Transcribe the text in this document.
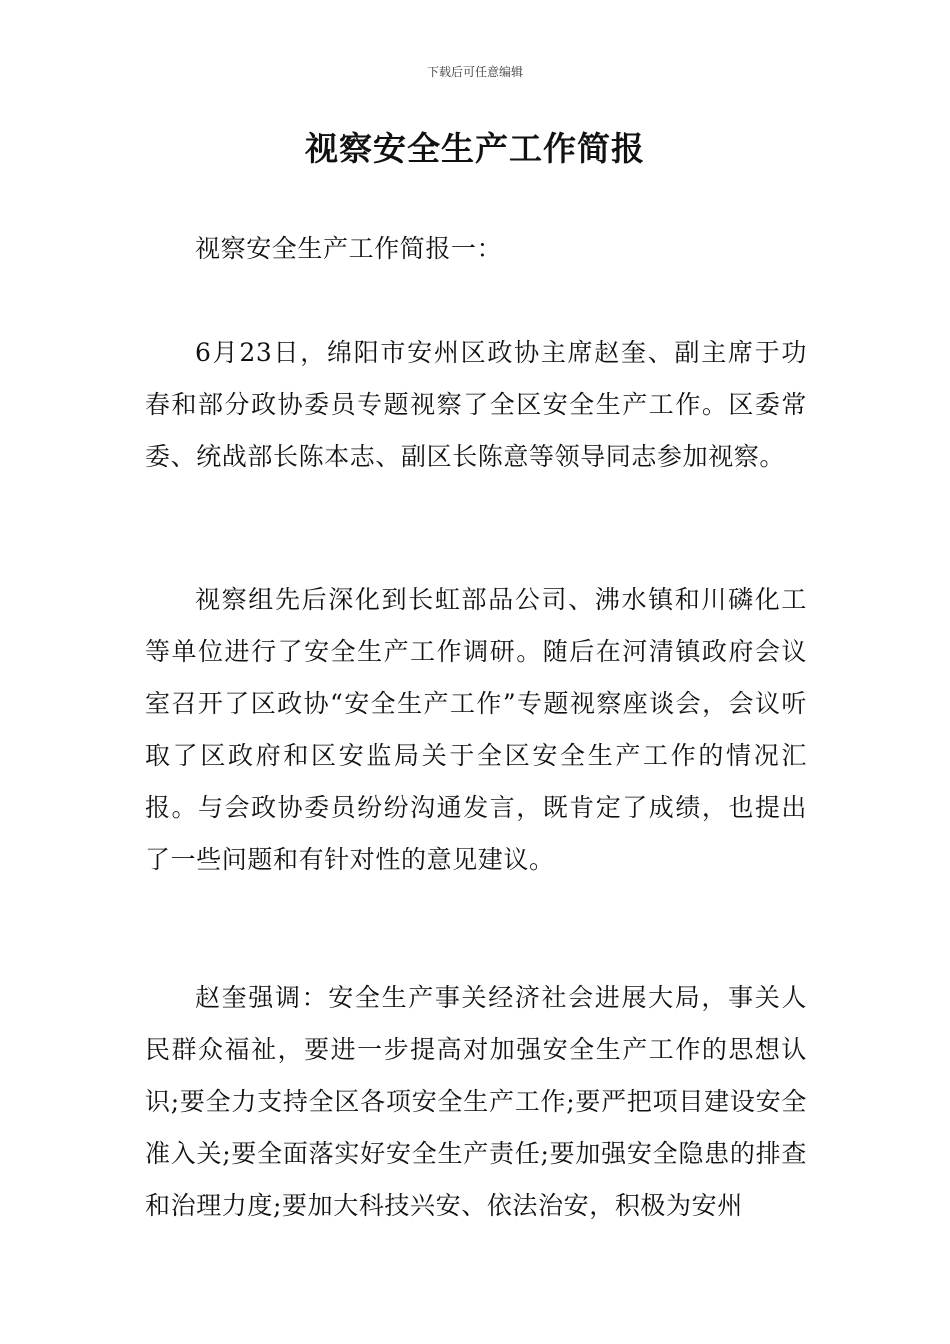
下载后可任意编辑
视察安全生产工作简报

视察安全生产工作简报一：

6月23日，绵阳市安州区政协主席赵奎、副主席于功春和部分政协委员专题视察了全区安全生产工作。区委常委、统战部长陈本志、副区长陈意等领导同志参加视察。

视察组先后深化到长虹部品公司、沸水镇和川磷化工等单位进行了安全生产工作调研。随后在河清镇政府会议室召开了区政协“安全生产工作”专题视察座谈会，会议听取了区政府和区安监局关于全区安全生产工作的情况汇报。与会政协委员纷纷沟通发言，既肯定了成绩，也提出了一些问题和有针对性的意见建议。

赵奎强调：安全生产事关经济社会进展大局，事关人民群众福祉，要进一步提高对加强安全生产工作的思想认识;要全力支持全区各项安全生产工作;要严把项目建设安全准入关;要全面落实好安全生产责任;要加强安全隐患的排查和治理力度;要加大科技兴安、依法治安，积极为安州
